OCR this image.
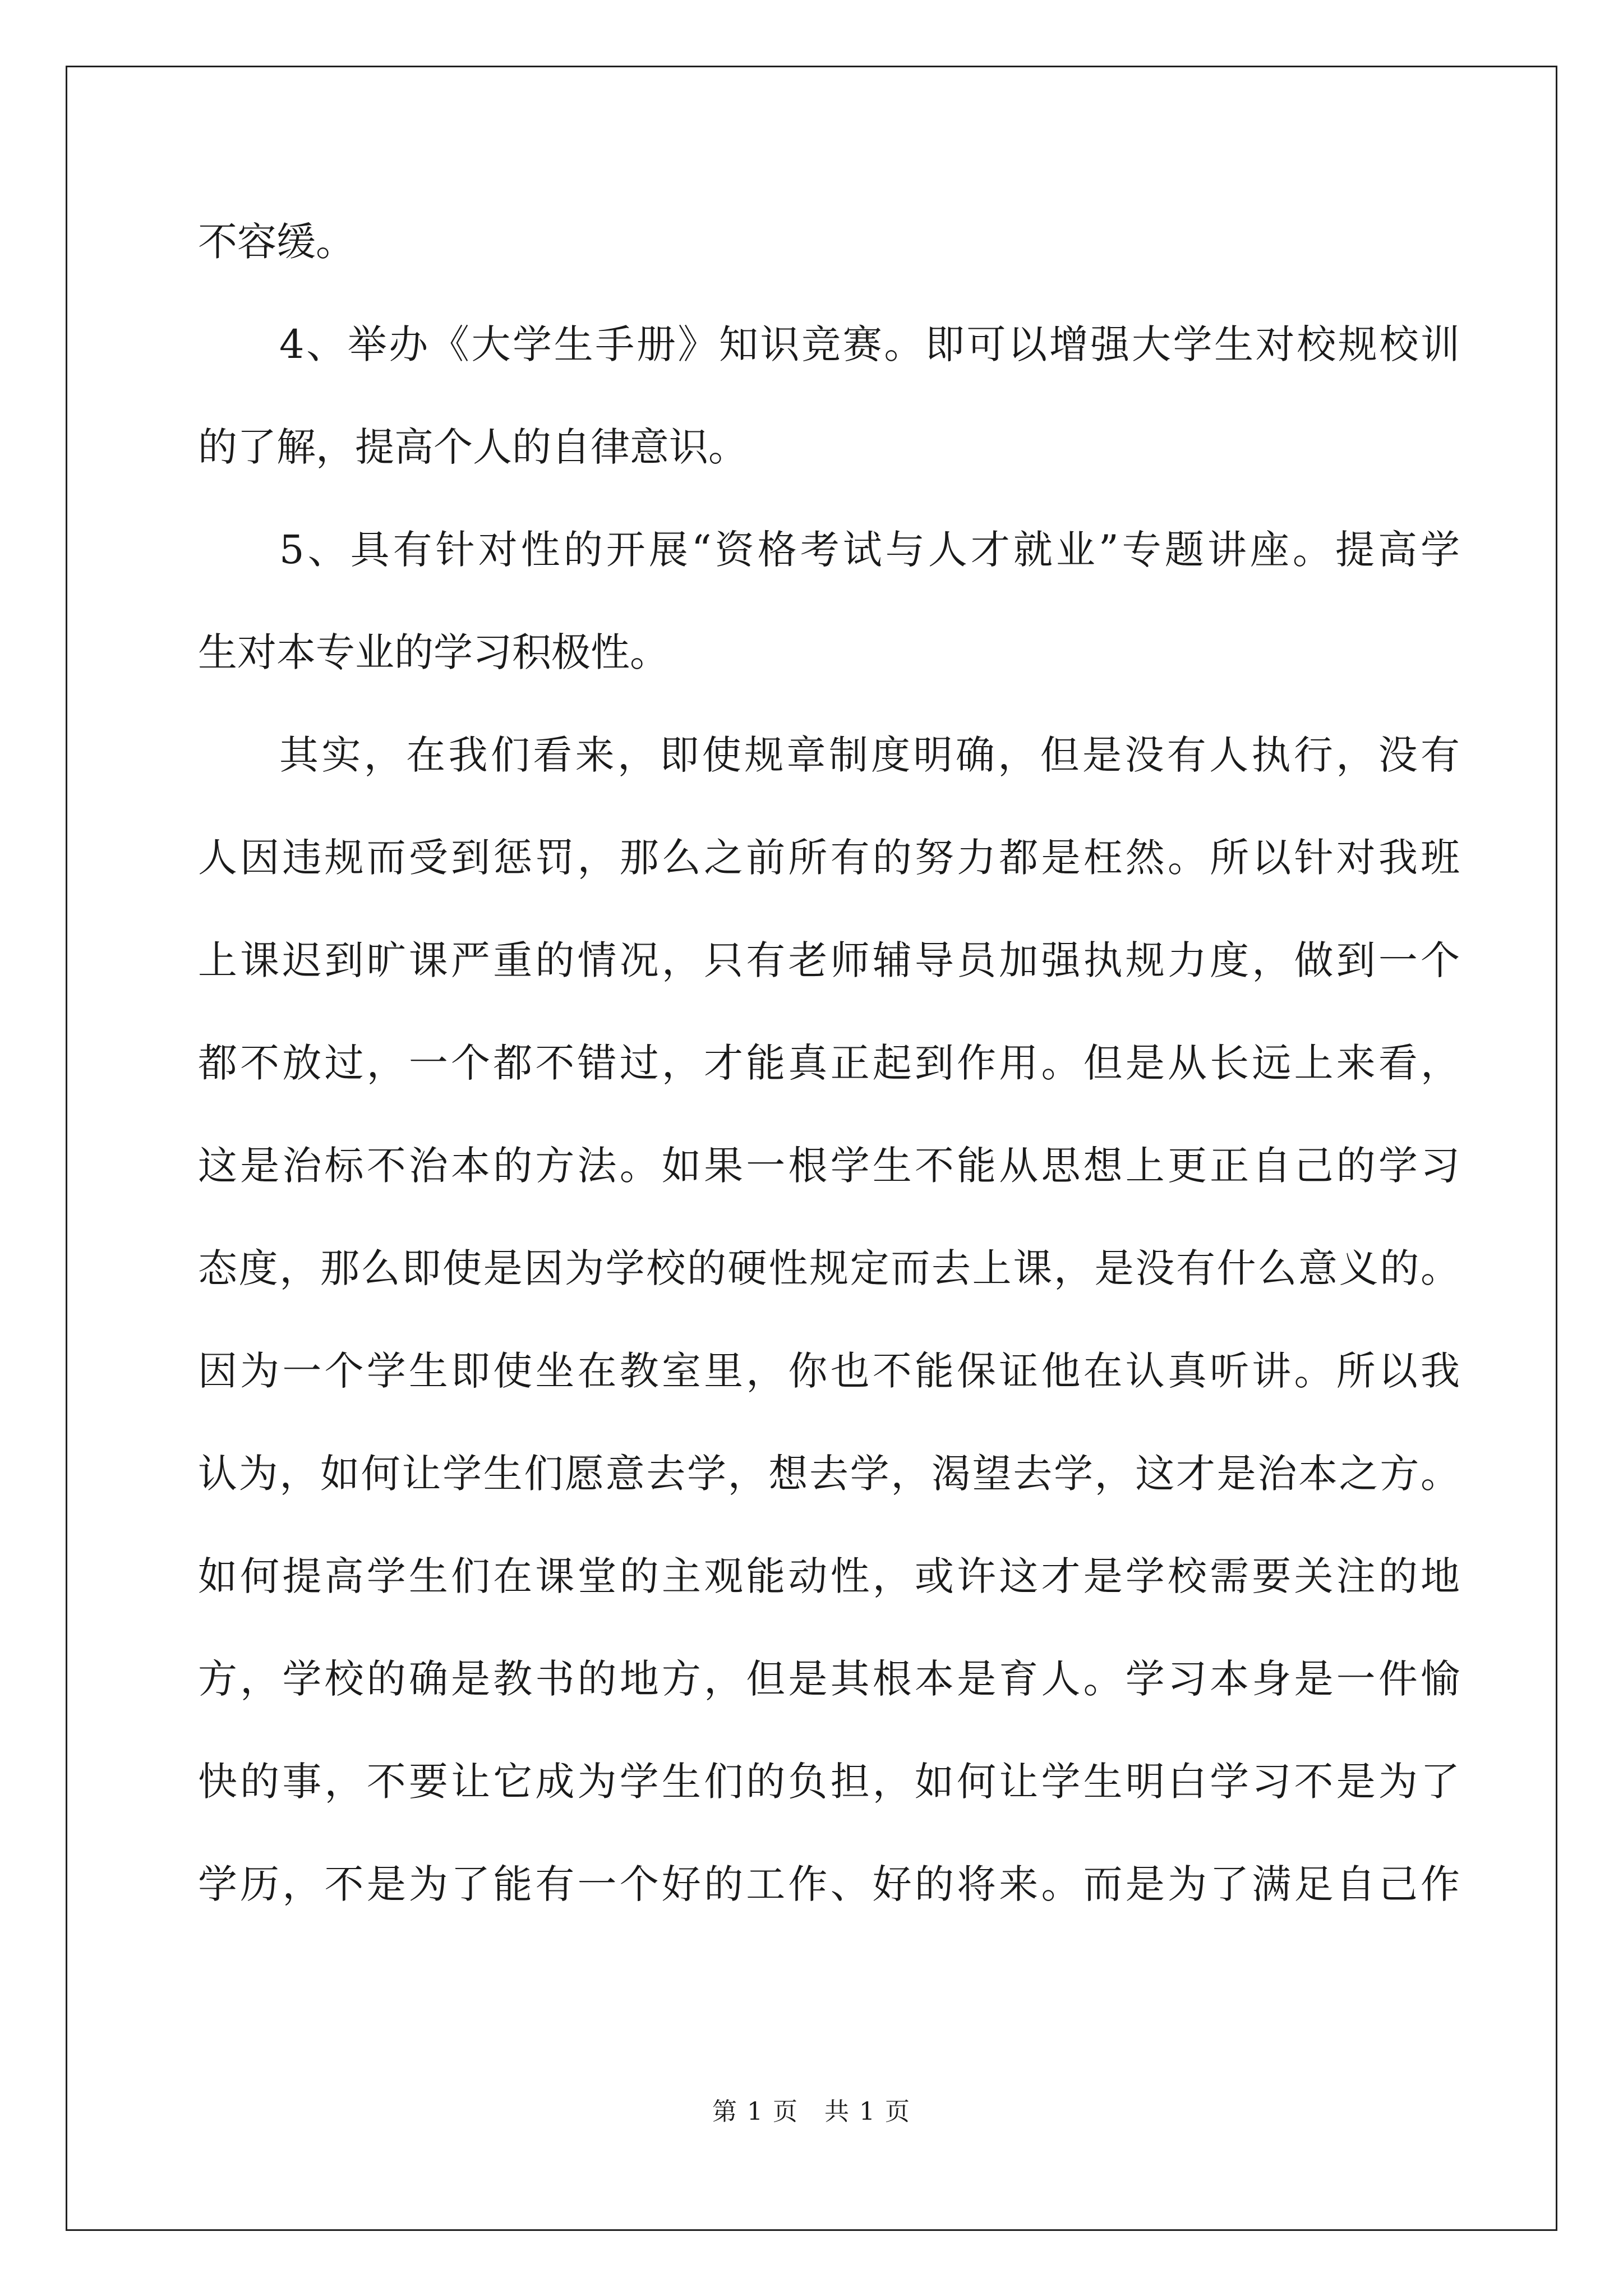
不容缓。
4、举办《大学生手册》知识竞赛。即可以增强大学生对校规校训
的了解，提高个人的自律意识。
5、具有针对性的开展“资格考试与人才就业”专题讲座。提高学
生对本专业的学习积极性。
其实，在我们看来，即使规章制度明确，但是没有人执行，没有
人因违规而受到惩罚，那么之前所有的努力都是枉然。所以针对我班
上课迟到旷课严重的情况，只有老师辅导员加强执规力度，做到一个
都不放过，一个都不错过，才能真正起到作用。但是从长远上来看，
这是治标不治本的方法。如果一根学生不能从思想上更正自己的学习
态度，那么即使是因为学校的硬性规定而去上课，是没有什么意义的。
因为一个学生即使坐在教室里，你也不能保证他在认真听讲。所以我
认为，如何让学生们愿意去学，想去学，渴望去学，这才是治本之方。
如何提高学生们在课堂的主观能动性，或许这才是学校需要关注的地
方，学校的确是教书的地方，但是其根本是育人。学习本身是一件愉
快的事，不要让它成为学生们的负担，如何让学生明白学习不是为了
学历，不是为了能有一个好的工作、好的将来。而是为了满足自己作
第 1 页　共 1 页
